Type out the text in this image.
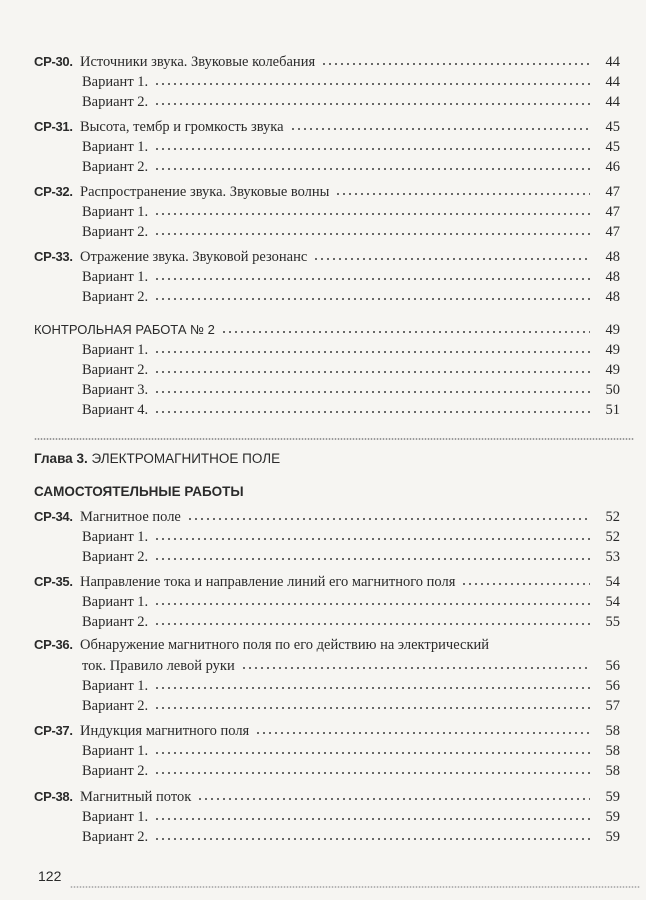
СР-30. Источники звука. Звуковые колебания	44
Вариант 1.	44
Вариант 2.	44
СР-31. Высота, тембр и громкость звука	45
Вариант 1.	45
Вариант 2.	46
СР-32. Распространение звука. Звуковые волны	47
Вариант 1.	47
Вариант 2.	47
СР-33. Отражение звука. Звуковой резонанс	48
Вариант 1.	48
Вариант 2.	48
КОНТРОЛЬНАЯ РАБОТА № 2	49
Вариант 1.	49
Вариант 2.	49
Вариант 3.	50
Вариант 4.	51
Глава 3. ЭЛЕКТРОМАГНИТНОЕ ПОЛЕ
САМОСТОЯТЕЛЬНЫЕ РАБОТЫ
СР-34. Магнитное поле	52
Вариант 1.	52
Вариант 2.	53
СР-35. Направление тока и направление линий его магнитного поля	54
Вариант 1.	54
Вариант 2.	55
СР-36. Обнаружение магнитного поля по его действию на электрический
ток. Правило левой руки	56
Вариант 1.	56
Вариант 2.	57
СР-37. Индукция магнитного поля	58
Вариант 1.	58
Вариант 2.	58
СР-38. Магнитный поток	59
Вариант 1.	59
Вариант 2.	59
122
